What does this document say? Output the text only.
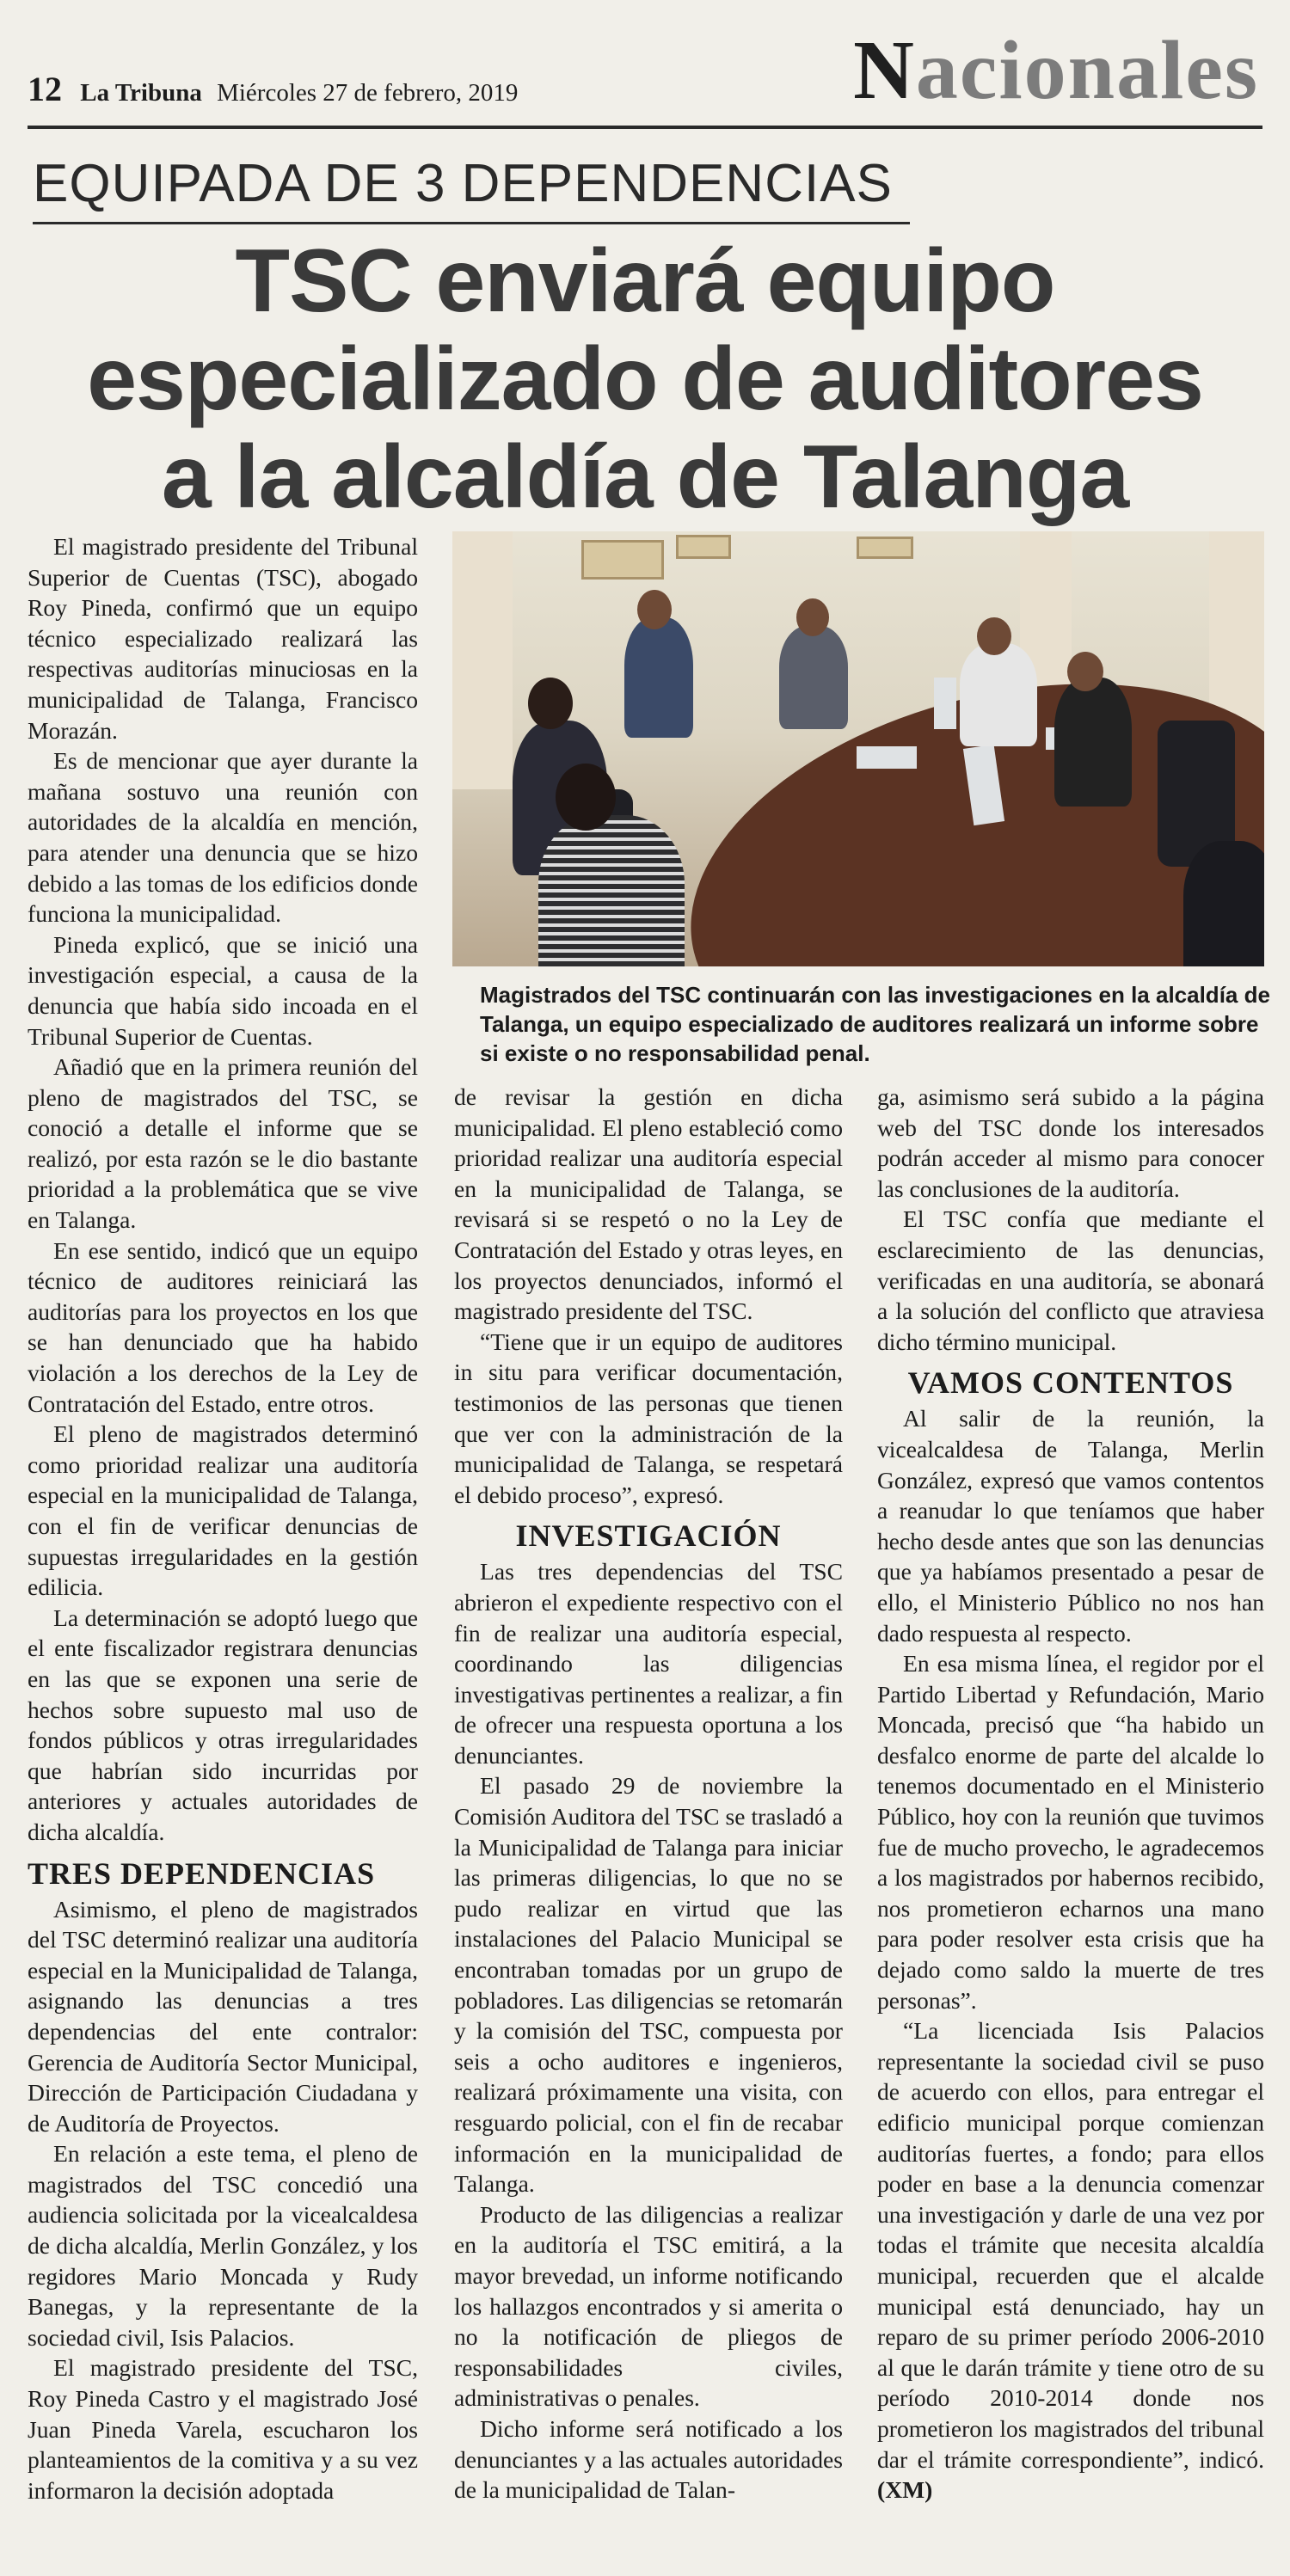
12 La Tribuna Miércoles 27 de febrero, 2019	Nacionales
EQUIPADA DE 3 DEPENDENCIAS
TSC enviará equipo
especializado de auditores
a la alcaldía de Talanga
Magistrados del TSC continuarán con las investigaciones en la alcaldía de Talanga, un equipo especializado de auditores realizará un informe sobre si existe o no responsabilidad penal.

El magistrado presidente del Tribunal Superior de Cuentas (TSC), abogado Roy Pineda, confirmó que un equipo técnico especializado realizará las respectivas auditorías minuciosas en la municipalidad de Talanga, Francisco Morazán.

Es de mencionar que ayer durante la mañana sostuvo una reunión con autoridades de la alcaldía en mención, para atender una denuncia que se hizo debido a las tomas de los edificios donde funciona la municipalidad.

Pineda explicó, que se inició una investigación especial, a causa de la denuncia que había sido incoada en el Tribunal Superior de Cuentas.

Añadió que en la primera reunión del pleno de magistrados del TSC, se conoció a detalle el informe que se realizó, por esta razón se le dio bastante prioridad a la problemática que se vive en Talanga.

En ese sentido, indicó que un equipo técnico de auditores reiniciará las auditorías para los proyectos en los que se han denunciado que ha habido violación a los derechos de la Ley de Contratación del Estado, entre otros.

El pleno de magistrados determinó como prioridad realizar una auditoría especial en la municipalidad de Talanga, con el fin de verificar denuncias de supuestas irregularidades en la gestión edilicia.

La determinación se adoptó luego que el ente fiscalizador registrara denuncias en las que se exponen una serie de hechos sobre supuesto mal uso de fondos públicos y otras irregularidades que habrían sido incurridas por anteriores y actuales autoridades de dicha alcaldía.

TRES DEPENDENCIAS

Asimismo, el pleno de magistrados del TSC determinó realizar una auditoría especial en la Municipalidad de Talanga, asignando las denuncias a tres dependencias del ente contralor: Gerencia de Auditoría Sector Municipal, Dirección de Participación Ciudadana y de Auditoría de Proyectos.

En relación a este tema, el pleno de magistrados del TSC concedió una audiencia solicitada por la vicealcaldesa de dicha alcaldía, Merlin González, y los regidores Mario Moncada y Rudy Banegas, y la representante de la sociedad civil, Isis Palacios.

El magistrado presidente del TSC, Roy Pineda Castro y el magistrado José Juan Pineda Varela, escucharon los planteamientos de la comitiva y a su vez informaron la decisión adoptada

de revisar la gestión en dicha municipalidad. El pleno estableció como prioridad realizar una auditoría especial en la municipalidad de Talanga, se revisará si se respetó o no la Ley de Contratación del Estado y otras leyes, en los proyectos denunciados, informó el magistrado presidente del TSC.

“Tiene que ir un equipo de auditores in situ para verificar documentación, testimonios de las personas que tienen que ver con la administración de la municipalidad de Talanga, se respetará el debido proceso”, expresó.

INVESTIGACIÓN

Las tres dependencias del TSC abrieron el expediente respectivo con el fin de realizar una auditoría especial, coordinando las diligencias investigativas pertinentes a realizar, a fin de ofrecer una respuesta oportuna a los denunciantes.

El pasado 29 de noviembre la Comisión Auditora del TSC se trasladó a la Municipalidad de Talanga para iniciar las primeras diligencias, lo que no se pudo realizar en virtud que las instalaciones del Palacio Municipal se encontraban tomadas por un grupo de pobladores. Las diligencias se retomarán y la comisión del TSC, compuesta por seis a ocho auditores e ingenieros, realizará próximamente una visita, con resguardo policial, con el fin de recabar información en la municipalidad de Talanga.

Producto de las diligencias a realizar en la auditoría el TSC emitirá, a la mayor brevedad, un informe notificando los hallazgos encontrados y si amerita o no la notificación de pliegos de responsabilidades civiles, administrativas o penales.

Dicho informe será notificado a los denunciantes y a las actuales autoridades de la municipalidad de Talan-

ga, asimismo será subido a la página web del TSC donde los interesados podrán acceder al mismo para conocer las conclusiones de la auditoría.

El TSC confía que mediante el esclarecimiento de las denuncias, verificadas en una auditoría, se abonará a la solución del conflicto que atraviesa dicho término municipal.

VAMOS CONTENTOS

Al salir de la reunión, la vicealcaldesa de Talanga, Merlin González, expresó que vamos contentos a reanudar lo que teníamos que haber hecho desde antes que son las denuncias que ya habíamos presentado a pesar de ello, el Ministerio Público no nos han dado respuesta al respecto.

En esa misma línea, el regidor por el Partido Libertad y Refundación, Mario Moncada, precisó que “ha habido un desfalco enorme de parte del alcalde lo tenemos documentado en el Ministerio Público, hoy con la reunión que tuvimos fue de mucho provecho, le agradecemos a los magistrados por habernos recibido, nos prometieron echarnos una mano para poder resolver esta crisis que ha dejado como saldo la muerte de tres personas”.

“La licenciada Isis Palacios representante la sociedad civil se puso de acuerdo con ellos, para entregar el edificio municipal porque comienzan auditorías fuertes, a fondo; para ellos poder en base a la denuncia comenzar una investigación y darle de una vez por todas el trámite que necesita alcaldía municipal, recuerden que el alcalde municipal está denunciado, hay un reparo de su primer período 2006-2010 al que le darán trámite y tiene otro de su período 2010-2014 donde nos prometieron los magistrados del tribunal dar el trámite correspondiente”, indicó. (XM)
